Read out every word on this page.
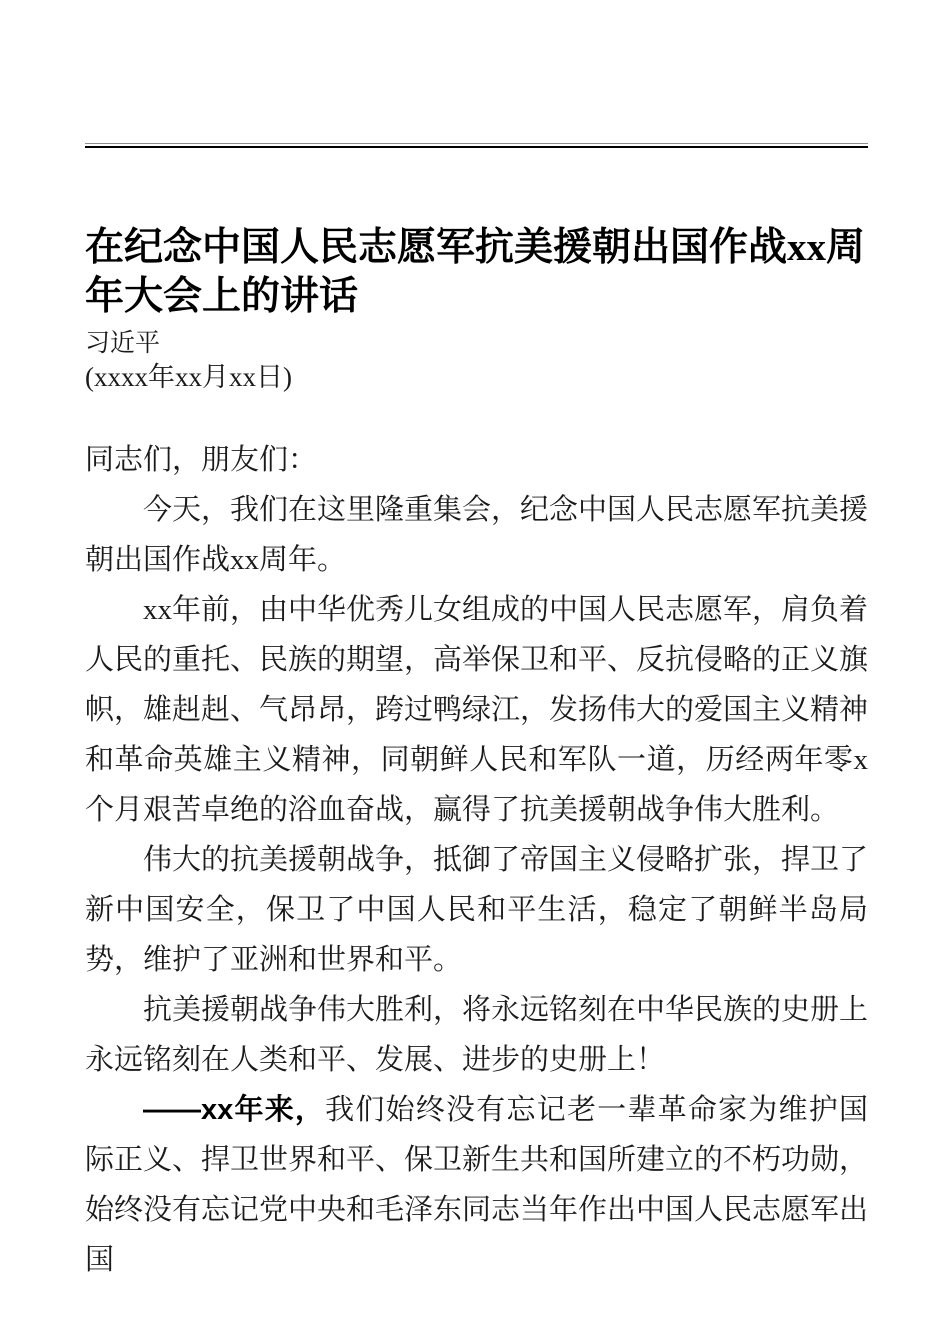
在纪念中国人民志愿军抗美援朝出国作战xx周年大会上的讲话
习近平
(xxxx年xx月xx日)

同志们，朋友们：

今天，我们在这里隆重集会，纪念中国人民志愿军抗美援朝出国作战xx周年。

xx年前，由中华优秀儿女组成的中国人民志愿军，肩负着人民的重托、民族的期望，高举保卫和平、反抗侵略的正义旗帜，雄赳赳、气昂昂，跨过鸭绿江，发扬伟大的爱国主义精神和革命英雄主义精神，同朝鲜人民和军队一道，历经两年零x个月艰苦卓绝的浴血奋战，赢得了抗美援朝战争伟大胜利。

伟大的抗美援朝战争，抵御了帝国主义侵略扩张，捍卫了新中国安全，保卫了中国人民和平生活，稳定了朝鲜半岛局势，维护了亚洲和世界和平。

抗美援朝战争伟大胜利，将永远铭刻在中华民族的史册上永远铭刻在人类和平、发展、进步的史册上！

——xx年来，我们始终没有忘记老一辈革命家为维护国际正义、捍卫世界和平、保卫新生共和国所建立的不朽功勋，始终没有忘记党中央和毛泽东同志当年作出中国人民志愿军出国
